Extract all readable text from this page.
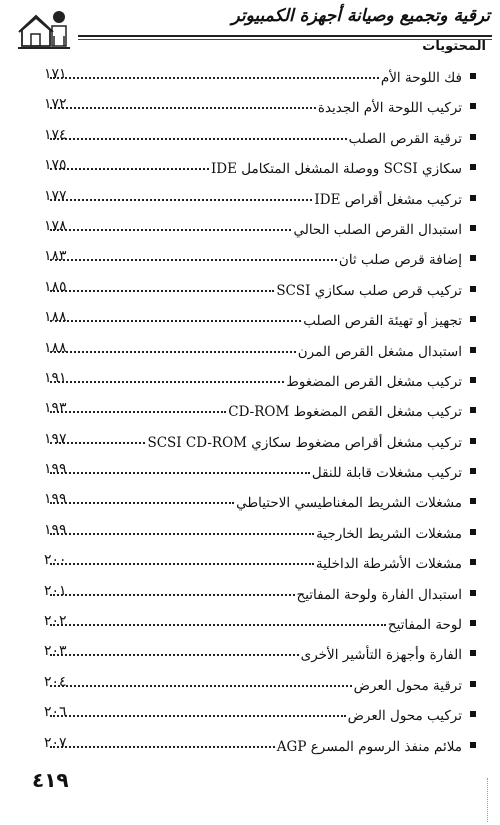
ترقية وتجميع وصيانة أجهزة الكمبيوتر
المحتويات
فك اللوحة الأم
١٧١
تركيب اللوحة الأم الجديدة
١٧٢
ترقية القرص الصلب
١٧٤
سكازي SCSI ووصلة المشغل المتكامل IDE
١٧٥
تركيب مشغل أقراص IDE
١٧٧
استبدال القرص الصلب الحالي
١٧٨
إضافة قرص صلب ثان
١٨٣
تركيب قرص صلب سكازي SCSI
١٨٥
تجهيز أو تهيئة القرص الصلب
١٨٨
استبدال مشغل القرص المرن
١٨٨
تركيب مشغل القرص المضغوط
١٩١
تركيب مشغل القص المضغوط CD-ROM
١٩٣
تركيب مشغل أقراص مضغوط سكازي SCSI CD-ROM
١٩٧
تركيب مشغلات قابلة للنقل
١٩٩
مشغلات الشريط المغناطيسي الاحتياطي
١٩٩
مشغلات الشريط الخارجية
١٩٩
مشغلات الأشرطة الداخلية
٢٠٠
استبدال الفارة ولوحة المفاتيح
٢٠١
لوحة المفاتيح
٢٠٢
الفارة وأجهزة التأشير الأخرى
٢٠٣
ترقية محول العرض
٢٠٤
تركيب محول العرض
٢٠٦
ملائم منفذ الرسوم المسرع AGP
٢٠٧
٤١٩
